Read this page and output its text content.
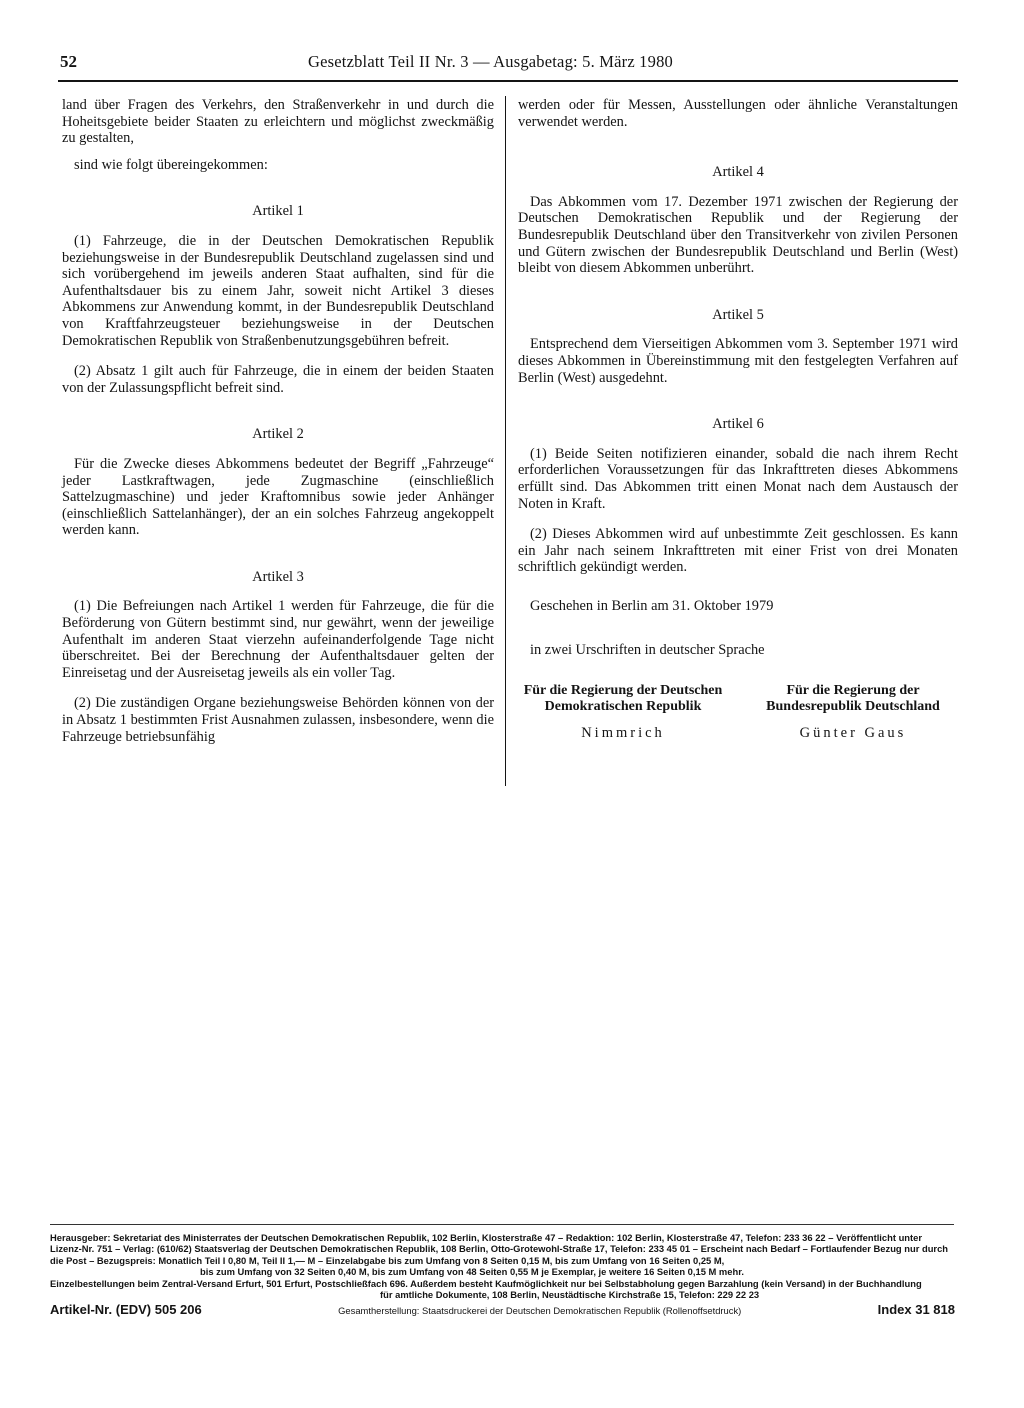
52	Gesetzblatt Teil II Nr. 3 — Ausgabetag: 5. März 1980

land über Fragen des Verkehrs, den Straßenverkehr in und durch die Hoheitsgebiete beider Staaten zu erleichtern und möglichst zweckmäßig zu gestalten,

sind wie folgt übereingekommen:

Artikel 1

(1) Fahrzeuge, die in der Deutschen Demokratischen Republik beziehungsweise in der Bundesrepublik Deutschland zugelassen sind und sich vorübergehend im jeweils anderen Staat aufhalten, sind für die Aufenthaltsdauer bis zu einem Jahr, soweit nicht Artikel 3 dieses Abkommens zur Anwendung kommt, in der Bundesrepublik Deutschland von Kraftfahrzeugsteuer beziehungsweise in der Deutschen Demokratischen Republik von Straßenbenutzungsgebühren befreit.

(2) Absatz 1 gilt auch für Fahrzeuge, die in einem der beiden Staaten von der Zulassungspflicht befreit sind.

Artikel 2

Für die Zwecke dieses Abkommens bedeutet der Begriff „Fahrzeuge“ jeder Lastkraftwagen, jede Zugmaschine (einschließlich Sattelzugmaschine) und jeder Kraftomnibus sowie jeder Anhänger (einschließlich Sattelanhänger), der an ein solches Fahrzeug angekoppelt werden kann.

Artikel 3

(1) Die Befreiungen nach Artikel 1 werden für Fahrzeuge, die für die Beförderung von Gütern bestimmt sind, nur gewährt, wenn der jeweilige Aufenthalt im anderen Staat vierzehn aufeinanderfolgende Tage nicht überschreitet. Bei der Berechnung der Aufenthaltsdauer gelten der Einreisetag und der Ausreisetag jeweils als ein voller Tag.

(2) Die zuständigen Organe beziehungsweise Behörden können von der in Absatz 1 bestimmten Frist Ausnahmen zulassen, insbesondere, wenn die Fahrzeuge betriebsunfähig

werden oder für Messen, Ausstellungen oder ähnliche Veranstaltungen verwendet werden.

Artikel 4

Das Abkommen vom 17. Dezember 1971 zwischen der Regierung der Deutschen Demokratischen Republik und der Regierung der Bundesrepublik Deutschland über den Transitverkehr von zivilen Personen und Gütern zwischen der Bundesrepublik Deutschland und Berlin (West) bleibt von diesem Abkommen unberührt.

Artikel 5

Entsprechend dem Vierseitigen Abkommen vom 3. September 1971 wird dieses Abkommen in Übereinstimmung mit den festgelegten Verfahren auf Berlin (West) ausgedehnt.

Artikel 6

(1) Beide Seiten notifizieren einander, sobald die nach ihrem Recht erforderlichen Voraussetzungen für das Inkrafttreten dieses Abkommens erfüllt sind. Das Abkommen tritt einen Monat nach dem Austausch der Noten in Kraft.

(2) Dieses Abkommen wird auf unbestimmte Zeit geschlossen. Es kann ein Jahr nach seinem Inkrafttreten mit einer Frist von drei Monaten schriftlich gekündigt werden.

Geschehen in Berlin am 31. Oktober 1979

in zwei Urschriften in deutscher Sprache

Für die Regierung der Deutschen Demokratischen Republik
Nimmrich
Für die Regierung der Bundesrepublik Deutschland
Günter Gaus

Herausgeber: Sekretariat des Ministerrates der Deutschen Demokratischen Republik, 102 Berlin, Klosterstraße 47 – Redaktion: 102 Berlin, Klosterstraße 47, Telefon: 233 36 22 – Veröffentlicht unter Lizenz-Nr. 751 – Verlag: (610/62) Staatsverlag der Deutschen Demokratischen Republik, 108 Berlin, Otto-Grotewohl-Straße 17, Telefon: 233 45 01 – Erscheint nach Bedarf – Fortlaufender Bezug nur durch die Post – Bezugspreis: Monatlich Teil I 0,80 M, Teil II 1,— M – Einzelabgabe bis zum Umfang von 8 Seiten 0,15 M, bis zum Umfang von 16 Seiten 0,25 M,

bis zum Umfang von 32 Seiten 0,40 M, bis zum Umfang von 48 Seiten 0,55 M je Exemplar, je weitere 16 Seiten 0,15 M mehr.

Einzelbestellungen beim Zentral-Versand Erfurt, 501 Erfurt, Postschließfach 696. Außerdem besteht Kaufmöglichkeit nur bei Selbstabholung gegen Barzahlung (kein Versand) in der Buchhandlung

für amtliche Dokumente, 108 Berlin, Neustädtische Kirchstraße 15, Telefon: 229 22 23

Artikel-Nr. (EDV) 505 206	Gesamtherstellung: Staatsdruckerei der Deutschen Demokratischen Republik (Rollenoffsetdruck)	Index 31 818
